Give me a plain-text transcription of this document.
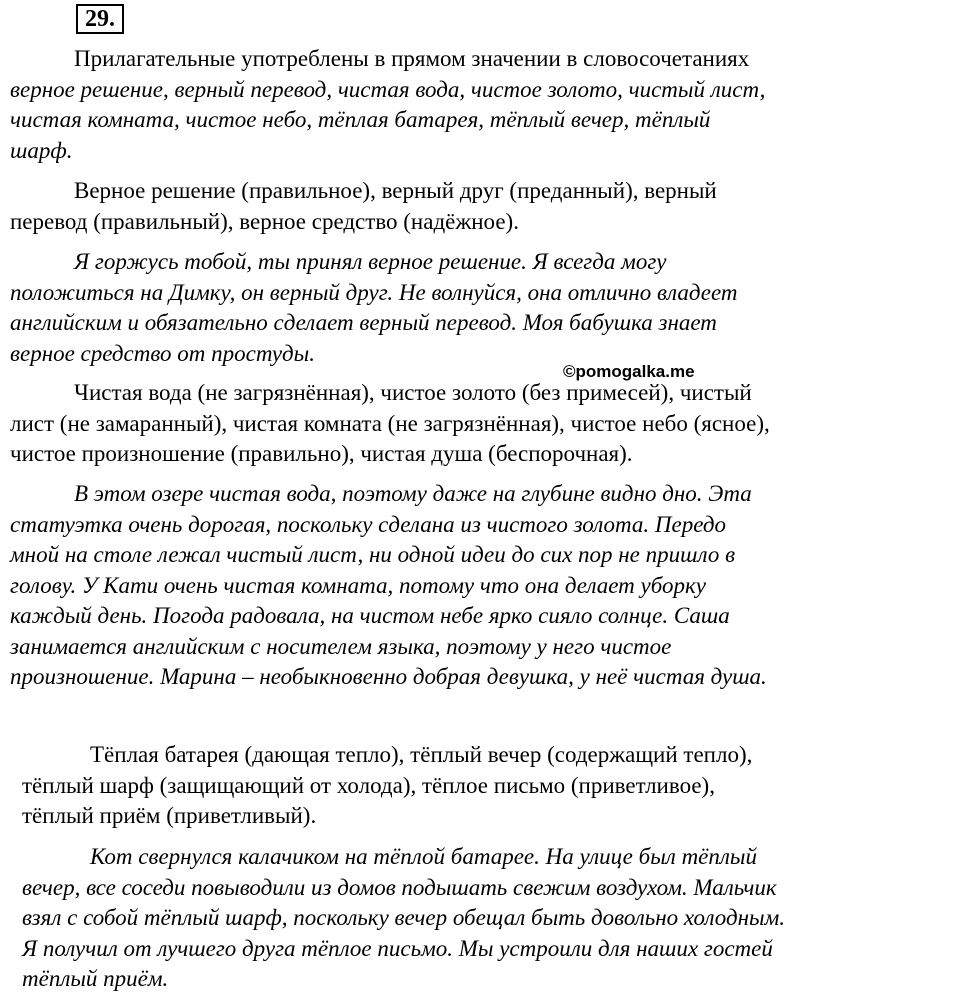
29.
Прилагательные употреблены в прямом значении в словосочетаниях
верное решение, верный перевод, чистая вода, чистое золото, чистый лист,
чистая комната, чистое небо, тёплая батарея, тёплый вечер, тёплый
шарф.
Верное решение (правильное), верный друг (преданный), верный
перевод (правильный), верное средство (надёжное).
Я горжусь тобой, ты принял верное решение. Я всегда могу
положиться на Димку, он верный друг. Не волнуйся, она отлично владеет
английским и обязательно сделает верный перевод. Моя бабушка знает
верное средство от простуды.
Чистая вода (не загрязнённая), чистое золото (без примесей), чистый
лист (не замаранный), чистая комната (не загрязнённая), чистое небо (ясное),
чистое произношение (правильно), чистая душа (беспорочная).
В этом озере чистая вода, поэтому даже на глубине видно дно. Эта
статуэтка очень дорогая, поскольку сделана из чистого золота. Передо
мной на столе лежал чистый лист, ни одной идеи до сих пор не пришло в
голову. У Кати очень чистая комната, потому что она делает уборку
каждый день. Погода радовала, на чистом небе ярко сияло солнце. Саша
занимается английским с носителем языка, поэтому у него чистое
произношение. Марина – необыкновенно добрая девушка, у неё чистая душа.
Тёплая батарея (дающая тепло), тёплый вечер (содержащий тепло),
тёплый шарф (защищающий от холода), тёплое письмо (приветливое),
тёплый приём (приветливый).
Кот свернулся калачиком на тёплой батарее. На улице был тёплый
вечер, все соседи повыводили из домов подышать свежим воздухом. Мальчик
взял с собой тёплый шарф, поскольку вечер обещал быть довольно холодным.
Я получил от лучшего друга тёплое письмо. Мы устроили для наших гостей
тёплый приём.
©pomogalka.me
